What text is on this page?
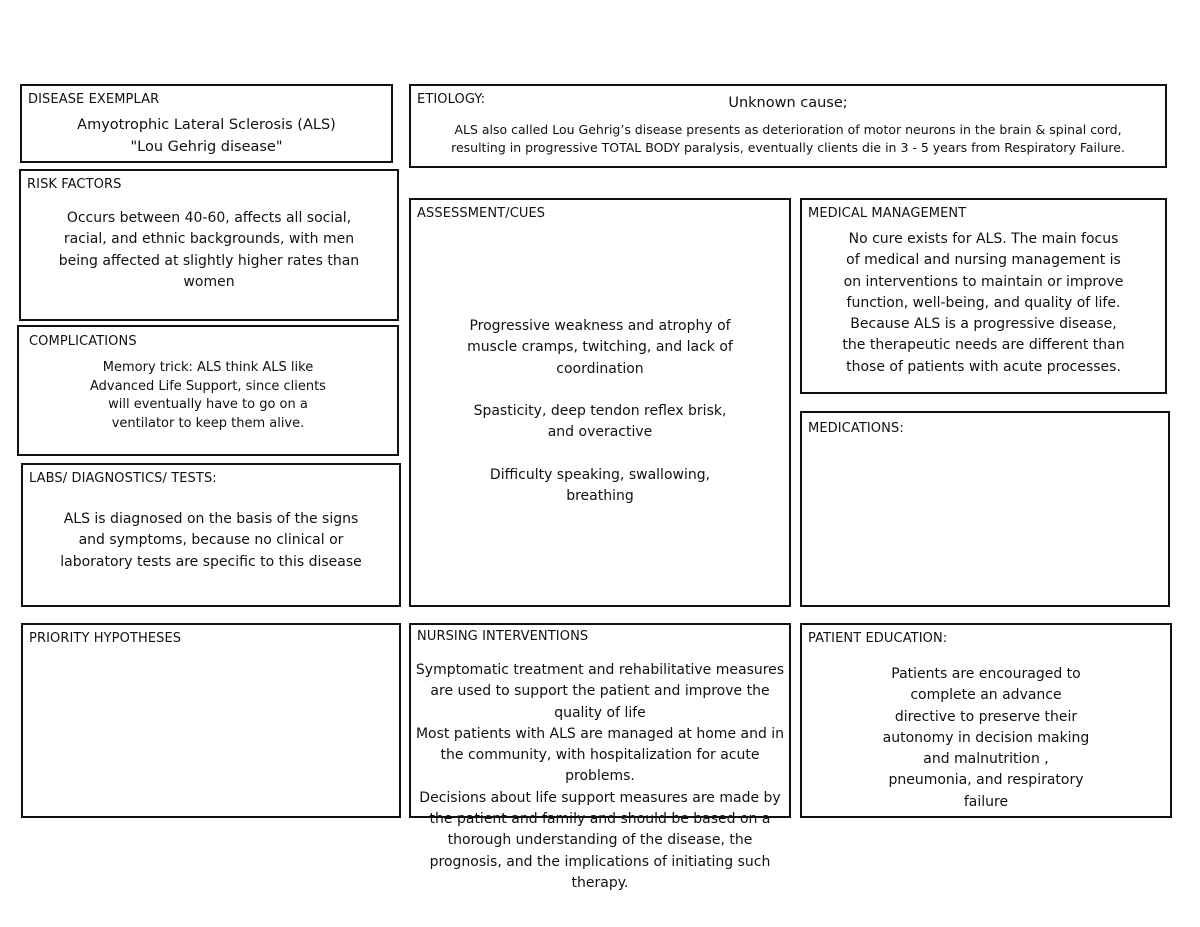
DISEASE EXEMPLAR
Amyotrophic Lateral Sclerosis (ALS)
"Lou Gehrig disease"
ETIOLOGY:	Unknown cause;
ALS also called Lou Gehrig’s disease presents as deterioration of motor neurons in the brain & spinal cord,
resulting in progressive TOTAL BODY paralysis, eventually clients die in 3 - 5 years from Respiratory Failure.
RISK FACTORS
Occurs between 40-60, affects all social,
racial, and ethnic backgrounds, with men
being affected at slightly higher rates than
women
COMPLICATIONS
Memory trick: ALS think ALS like
Advanced Life Support, since clients
will eventually have to go on a
ventilator to keep them alive.
LABS/ DIAGNOSTICS/ TESTS:
ALS is diagnosed on the basis of the signs
and symptoms, because no clinical or
laboratory tests are specific to this disease
ASSESSMENT/CUES
Progressive weakness and atrophy of
muscle cramps, twitching, and lack of
coordination

Spasticity, deep tendon reflex brisk,
and overactive

Difficulty speaking, swallowing,
breathing
MEDICAL MANAGEMENT
No cure exists for ALS. The main focus
of medical and nursing management is
on interventions to maintain or improve
function, well-being, and quality of life.
Because ALS is a progressive disease,
the therapeutic needs are different than
those of patients with acute processes.
MEDICATIONS:
PRIORITY HYPOTHESES	NURSING INTERVENTIONS
Symptomatic treatment and rehabilitative measures
are used to support the patient and improve the
quality of life
Most patients with ALS are managed at home and in
the community, with hospitalization for acute
problems.
Decisions about life support measures are made by
the patient and family and should be based on a
thorough understanding of the disease, the
prognosis, and the implications of initiating such
therapy.
PATIENT EDUCATION:
Patients are encouraged to
complete an advance
directive to preserve their
autonomy in decision making
and malnutrition ,
pneumonia, and respiratory
failure
